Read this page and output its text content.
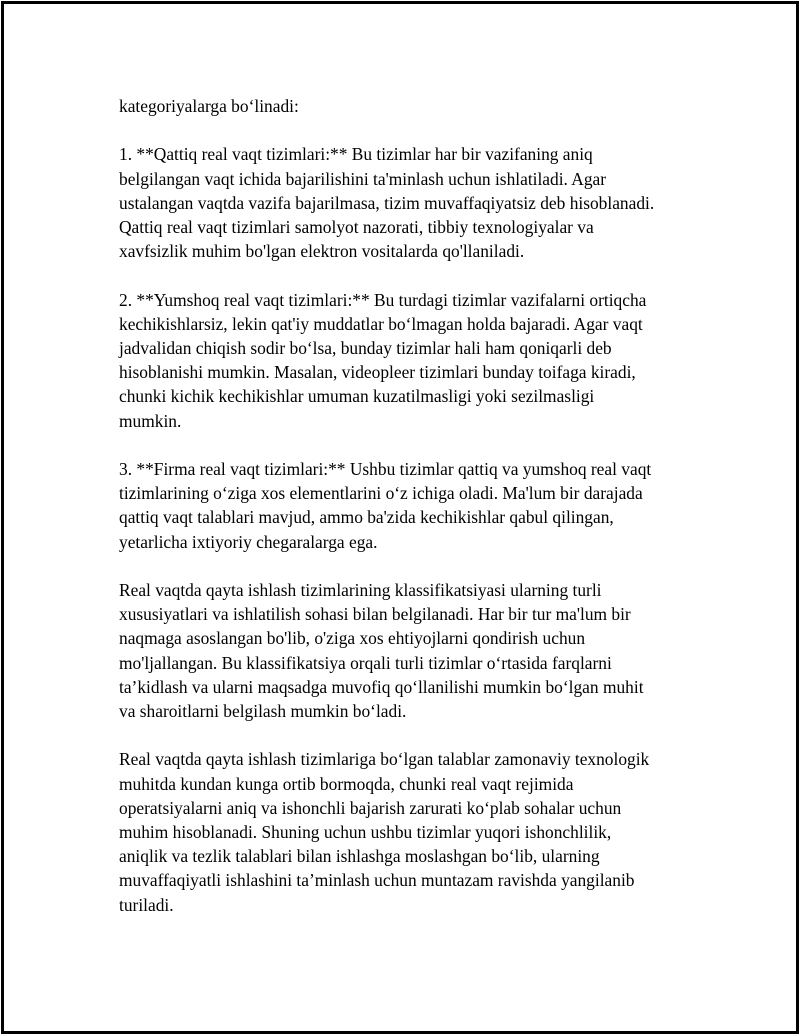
kategoriyalarga bo‘linadi:

1. **Qattiq real vaqt tizimlari:** Bu tizimlar har bir vazifaning aniq
belgilangan vaqt ichida bajarilishini ta'minlash uchun ishlatiladi. Agar
ustalangan vaqtda vazifa bajarilmasa, tizim muvaffaqiyatsiz deb hisoblanadi.
Qattiq real vaqt tizimlari samolyot nazorati, tibbiy texnologiyalar va
xavfsizlik muhim bo'lgan elektron vositalarda qo'llaniladi.

2. **Yumshoq real vaqt tizimlari:** Bu turdagi tizimlar vazifalarni ortiqcha
kechikishlarsiz, lekin qat'iy muddatlar bo‘lmagan holda bajaradi. Agar vaqt
jadvalidan chiqish sodir bo‘lsa, bunday tizimlar hali ham qoniqarli deb
hisoblanishi mumkin. Masalan, videopleer tizimlari bunday toifaga kiradi,
chunki kichik kechikishlar umuman kuzatilmasligi yoki sezilmasligi
mumkin.

3. **Firma real vaqt tizimlari:** Ushbu tizimlar qattiq va yumshoq real vaqt
tizimlarining o‘ziga xos elementlarini o‘z ichiga oladi. Ma'lum bir darajada
qattiq vaqt talablari mavjud, ammo ba'zida kechikishlar qabul qilingan,
yetarlicha ixtiyoriy chegaralarga ega.

Real vaqtda qayta ishlash tizimlarining klassifikatsiyasi ularning turli
xususiyatlari va ishlatilish sohasi bilan belgilanadi. Har bir tur ma'lum bir
naqmaga asoslangan bo'lib, o'ziga xos ehtiyojlarni qondirish uchun
mo'ljallangan. Bu klassifikatsiya orqali turli tizimlar o‘rtasida farqlarni
ta’kidlash va ularni maqsadga muvofiq qo‘llanilishi mumkin bo‘lgan muhit
va sharoitlarni belgilash mumkin bo‘ladi.

Real vaqtda qayta ishlash tizimlariga bo‘lgan talablar zamonaviy texnologik
muhitda kundan kunga ortib bormoqda, chunki real vaqt rejimida
operatsiyalarni aniq va ishonchli bajarish zarurati ko‘plab sohalar uchun
muhim hisoblanadi. Shuning uchun ushbu tizimlar yuqori ishonchlilik,
aniqlik va tezlik talablari bilan ishlashga moslashgan bo‘lib, ularning
muvaffaqiyatli ishlashini ta’minlash uchun muntazam ravishda yangilanib
turiladi.
